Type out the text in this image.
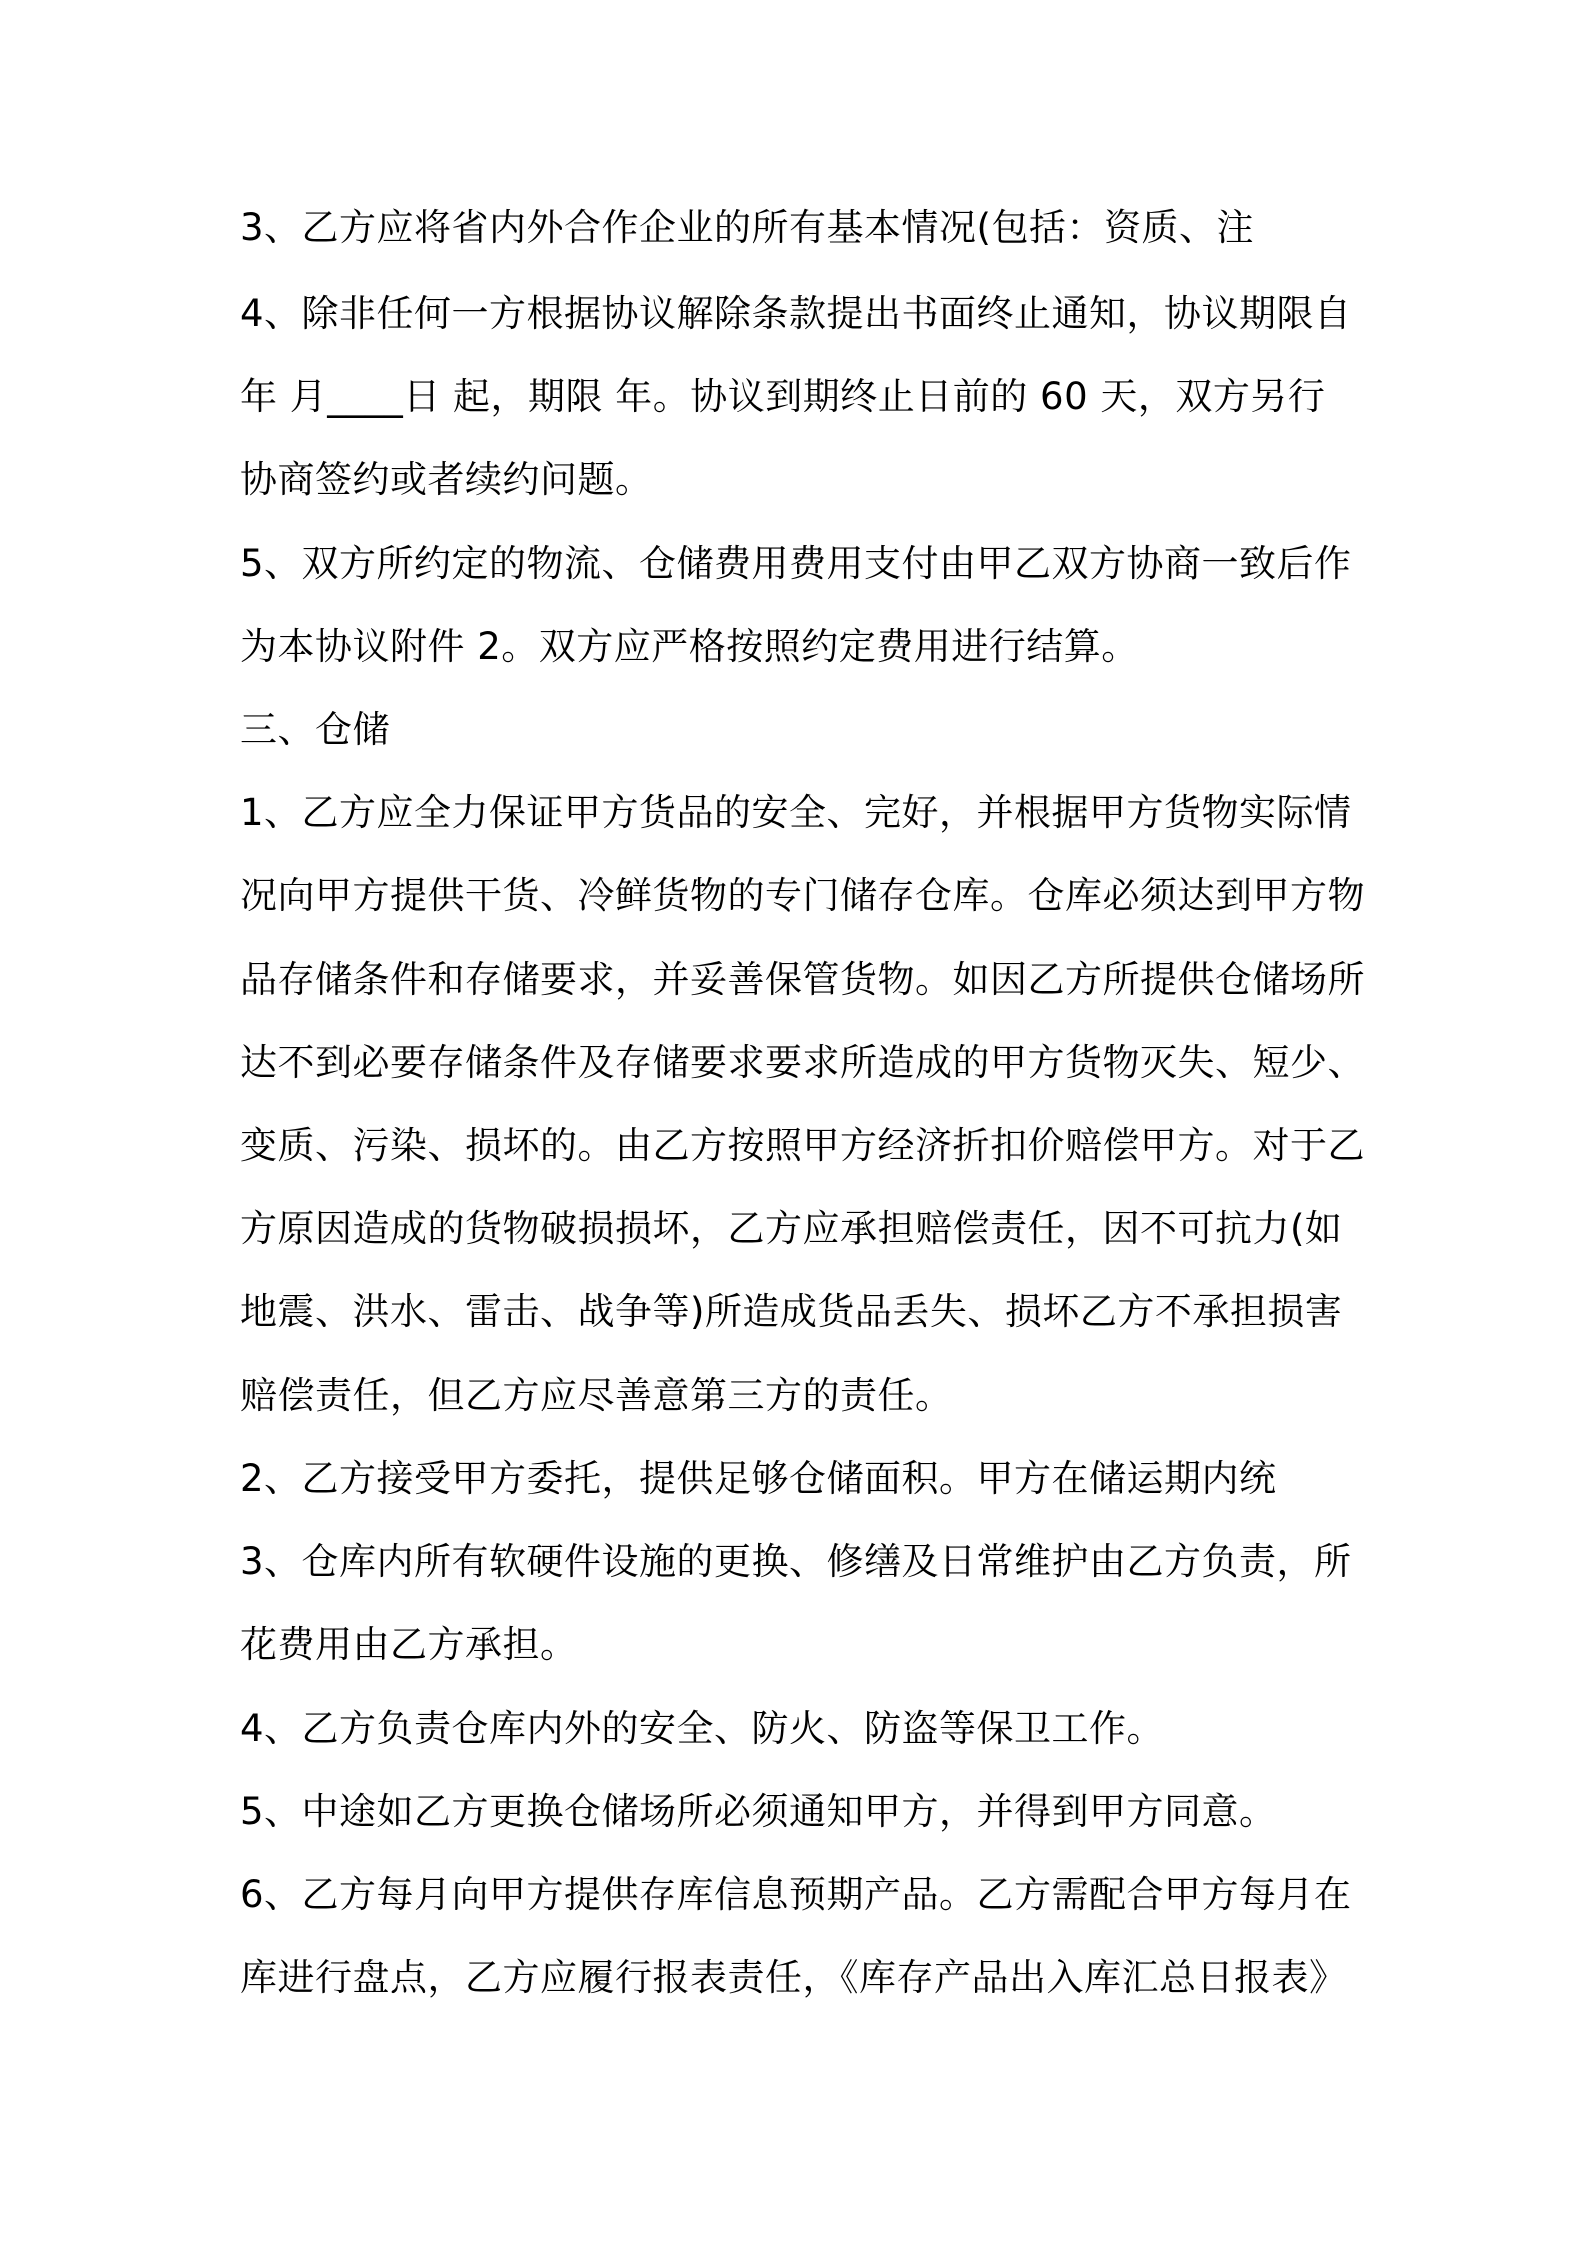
3、乙方应将省内外合作企业的所有基本情况(包括：资质、注
4、除非任何一方根据协议解除条款提出书面终止通知，协议期限自
年 月____日 起，期限 年。协议到期终止日前的 60 天，双方另行
协商签约或者续约问题。
5、双方所约定的物流、仓储费用费用支付由甲乙双方协商一致后作
为本协议附件 2。双方应严格按照约定费用进行结算。
三、仓储
1、乙方应全力保证甲方货品的安全、完好，并根据甲方货物实际情
况向甲方提供干货、冷鲜货物的专门储存仓库。仓库必须达到甲方物
品存储条件和存储要求，并妥善保管货物。如因乙方所提供仓储场所
达不到必要存储条件及存储要求要求所造成的甲方货物灭失、短少、
变质、污染、损坏的。由乙方按照甲方经济折扣价赔偿甲方。对于乙
方原因造成的货物破损损坏，乙方应承担赔偿责任，因不可抗力(如
地震、洪水、雷击、战争等)所造成货品丢失、损坏乙方不承担损害
赔偿责任，但乙方应尽善意第三方的责任。
2、乙方接受甲方委托，提供足够仓储面积。甲方在储运期内统
3、仓库内所有软硬件设施的更换、修缮及日常维护由乙方负责，所
花费用由乙方承担。
4、乙方负责仓库内外的安全、防火、防盗等保卫工作。
5、中途如乙方更换仓储场所必须通知甲方，并得到甲方同意。
6、乙方每月向甲方提供存库信息预期产品。乙方需配合甲方每月在
库进行盘点，乙方应履行报表责任，《库存产品出入库汇总日报表》
